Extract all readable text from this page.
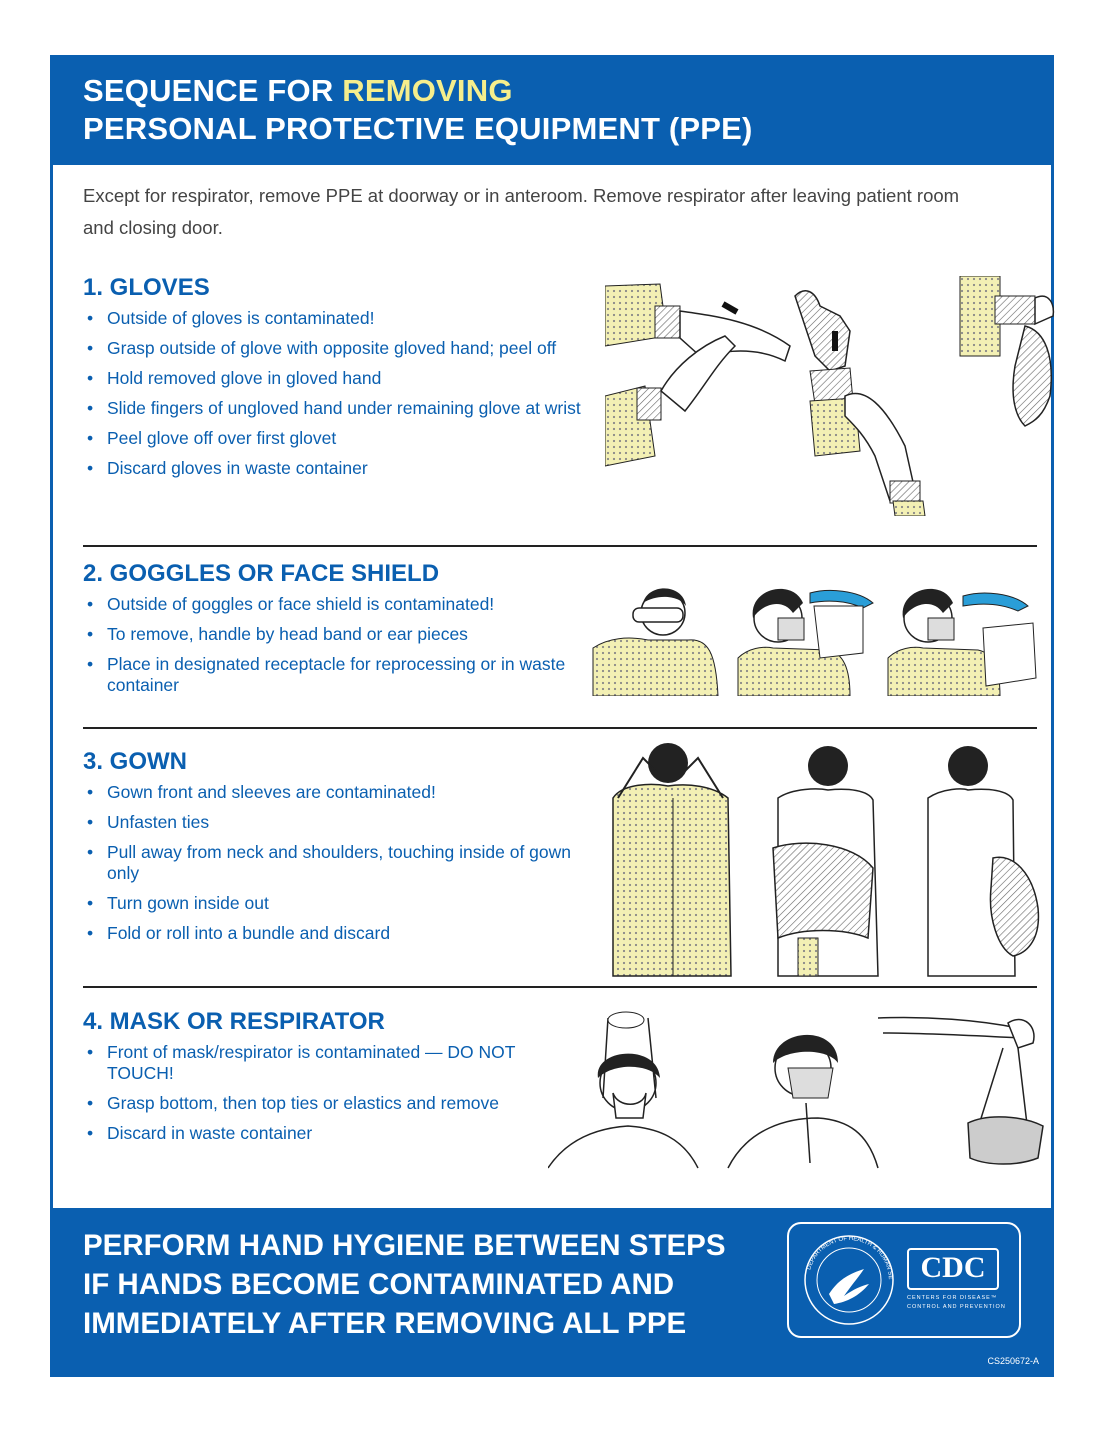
SEQUENCE FOR REMOVING
PERSONAL PROTECTIVE EQUIPMENT (PPE)
Except for respirator, remove PPE at doorway or in anteroom. Remove respirator after leaving patient room and closing door.
1. GLOVES
• Outside of gloves is contaminated!
• Grasp outside of glove with opposite gloved hand; peel off
• Hold removed glove in gloved hand
• Slide fingers of ungloved hand under remaining glove at wrist
• Peel glove off over first glovet
• Discard gloves in waste container
2. GOGGLES OR FACE SHIELD
• Outside of goggles or face shield is contaminated!
• To remove, handle by head band or ear pieces
• Place in designated receptacle for reprocessing or in waste container
3. GOWN
• Gown front and sleeves are contaminated!
• Unfasten ties
• Pull away from neck and shoulders, touching inside of gown only
• Turn gown inside out
• Fold or roll into a bundle and discard
4. MASK OR RESPIRATOR
• Front of mask/respirator is contaminated — DO NOT TOUCH!
• Grasp bottom, then top ties or elastics and remove
• Discard in waste container
PERFORM HAND HYGIENE BETWEEN STEPS
IF HANDS BECOME CONTAMINATED AND
IMMEDIATELY AFTER REMOVING ALL PPE
DEPARTMENT OF HEALTH & HUMAN SE CDC
CENTERS FOR DISEASE™
CONTROL AND PREVENTION
CS250672-A
